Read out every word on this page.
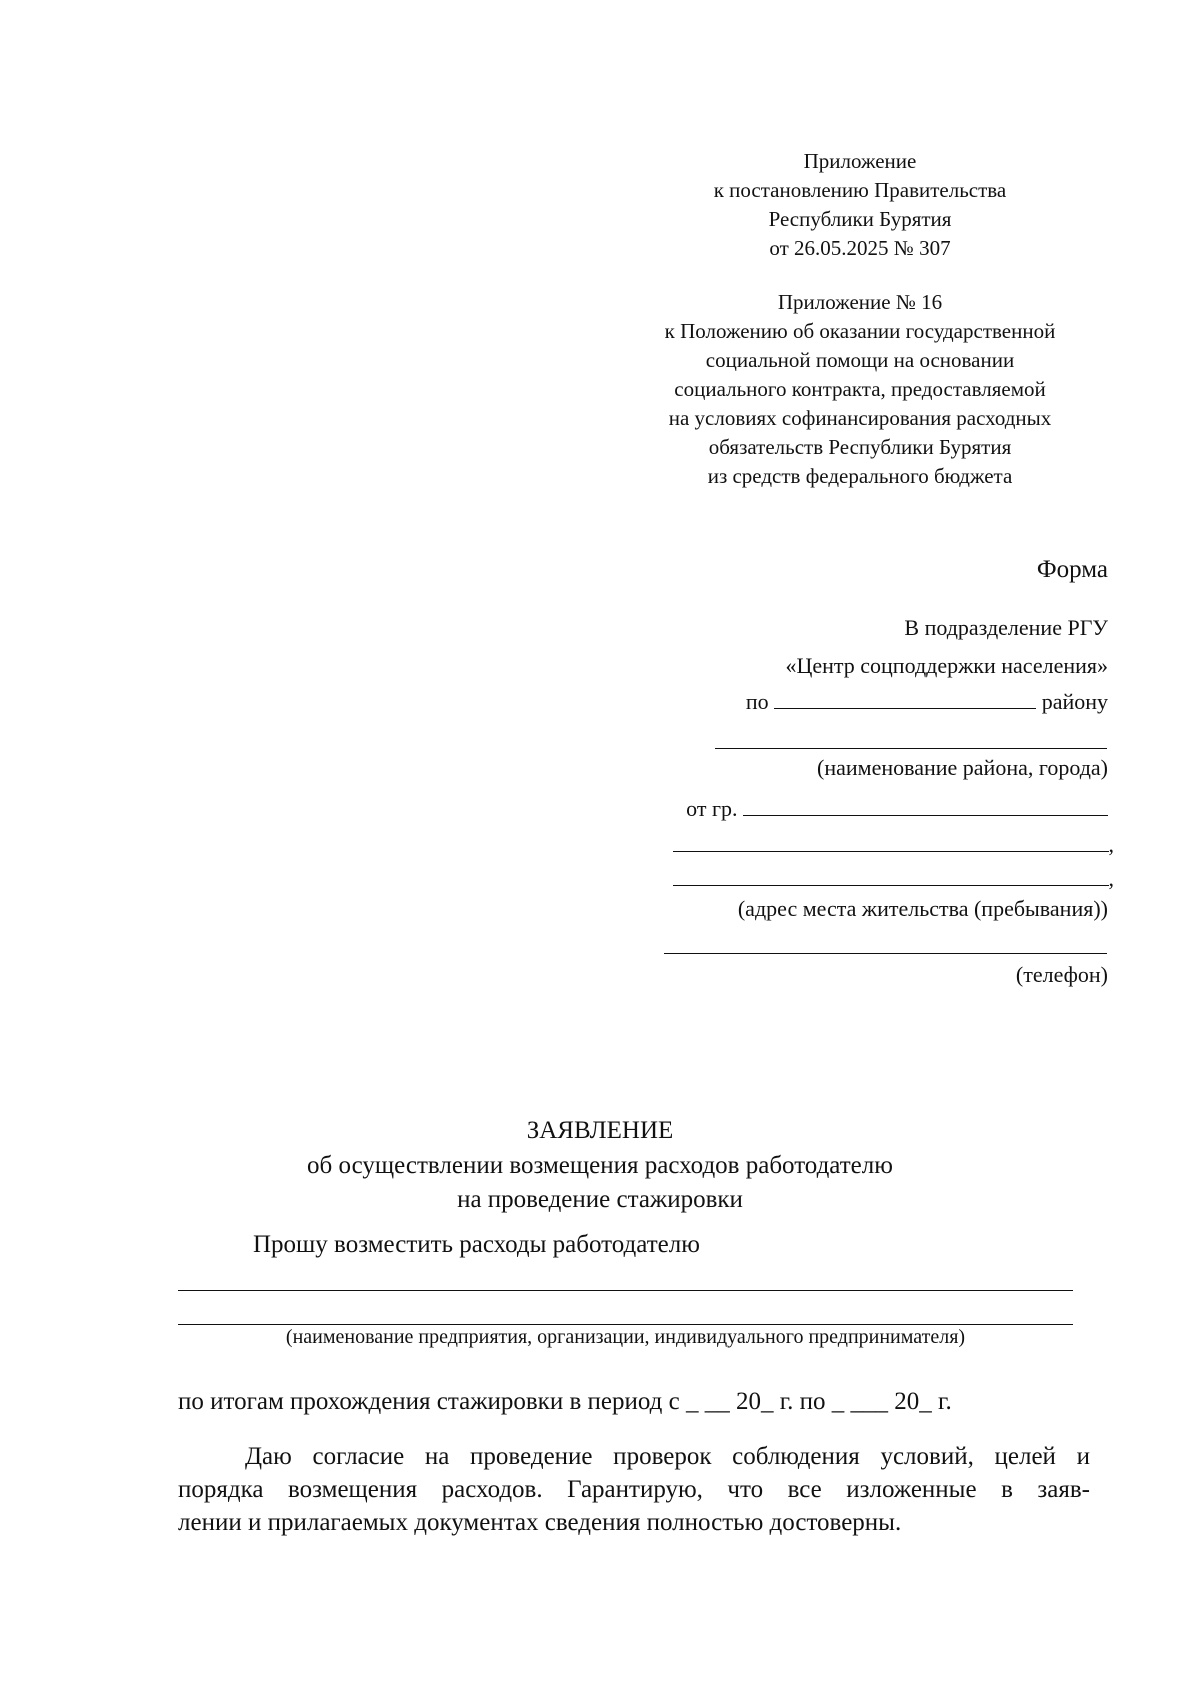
Приложение
к постановлению Правительства
Республики Бурятия
от 26.05.2025 № 307
Приложение № 16
к Положению об оказании государственной
социальной помощи на основании
социального контракта, предоставляемой
на условиях софинансирования расходных
обязательств Республики Бурятия
из средств федерального бюджета
Форма
В подразделение РГУ
«Центр соцподдержки населения»
по	району
(наименование района, города)
от гр.
,
,
(адрес места жительства (пребывания))
(телефон)
ЗАЯВЛЕНИЕ
об осуществлении возмещения расходов работодателю
на проведение стажировки
Прошу возместить расходы работодателю
(наименование предприятия, организации, индивидуального предпринимателя)
по итогам прохождения стажировки в период с _ __ 20_ г. по _ ___ 20_ г.
Даю согласие на проведение проверок соблюдения условий, целей и
порядка возмещения расходов. Гарантирую, что все изложенные в заяв-
лении и прилагаемых документах сведения полностью достоверны.
